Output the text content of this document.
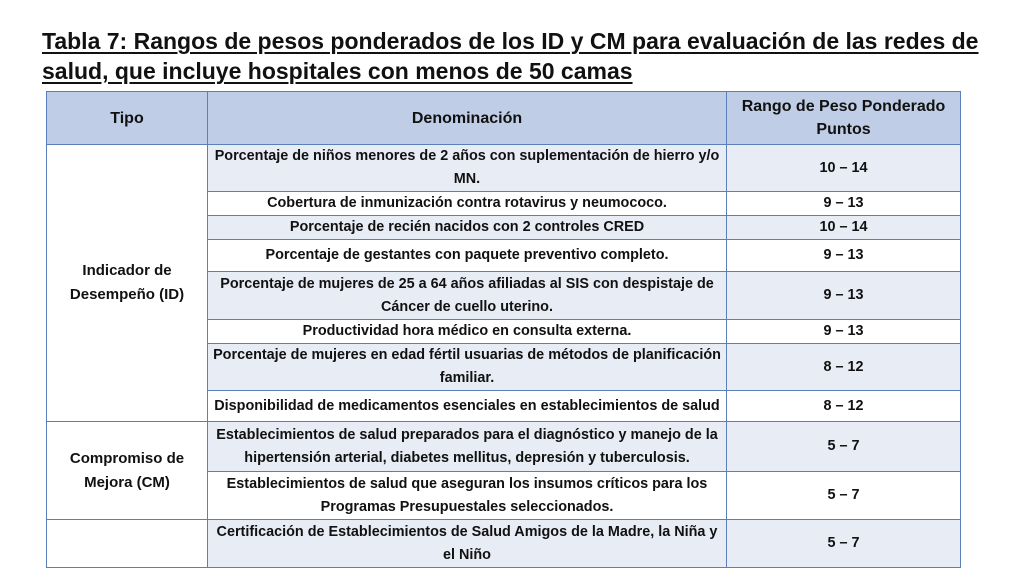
Tabla 7: Rangos de pesos ponderados de los ID y CM para evaluación de las redes de
salud, que incluye hospitales con menos de 50 camas
Tipo	Denominación	Rango de Peso Ponderado
Puntos
Indicador de Desempeño (ID)	Porcentaje de niños menores de 2 años con suplementación de hierro y/o MN.	10 – 14
	Cobertura de inmunización contra rotavirus y neumococo.	9 – 13
	Porcentaje de recién nacidos con 2 controles CRED	10 – 14
	Porcentaje de gestantes con paquete preventivo completo.	9 – 13
	Porcentaje de mujeres de 25 a 64 años afiliadas al SIS con despistaje de Cáncer de cuello uterino.	9 – 13
	Productividad hora médico en consulta externa.	9 – 13
	Porcentaje de mujeres en edad fértil usuarias de métodos de planificación familiar.	8 – 12
	Disponibilidad de medicamentos esenciales en establecimientos de salud	8 – 12
Compromiso de Mejora (CM)	Establecimientos de salud preparados para el diagnóstico y manejo de la hipertensión arterial, diabetes mellitus, depresión y tuberculosis.	5 – 7
	Establecimientos de salud que aseguran los insumos críticos para los Programas Presupuestales seleccionados.	5 – 7
	Certificación de Establecimientos de Salud Amigos de la Madre, la Niña y el Niño	5 – 7
